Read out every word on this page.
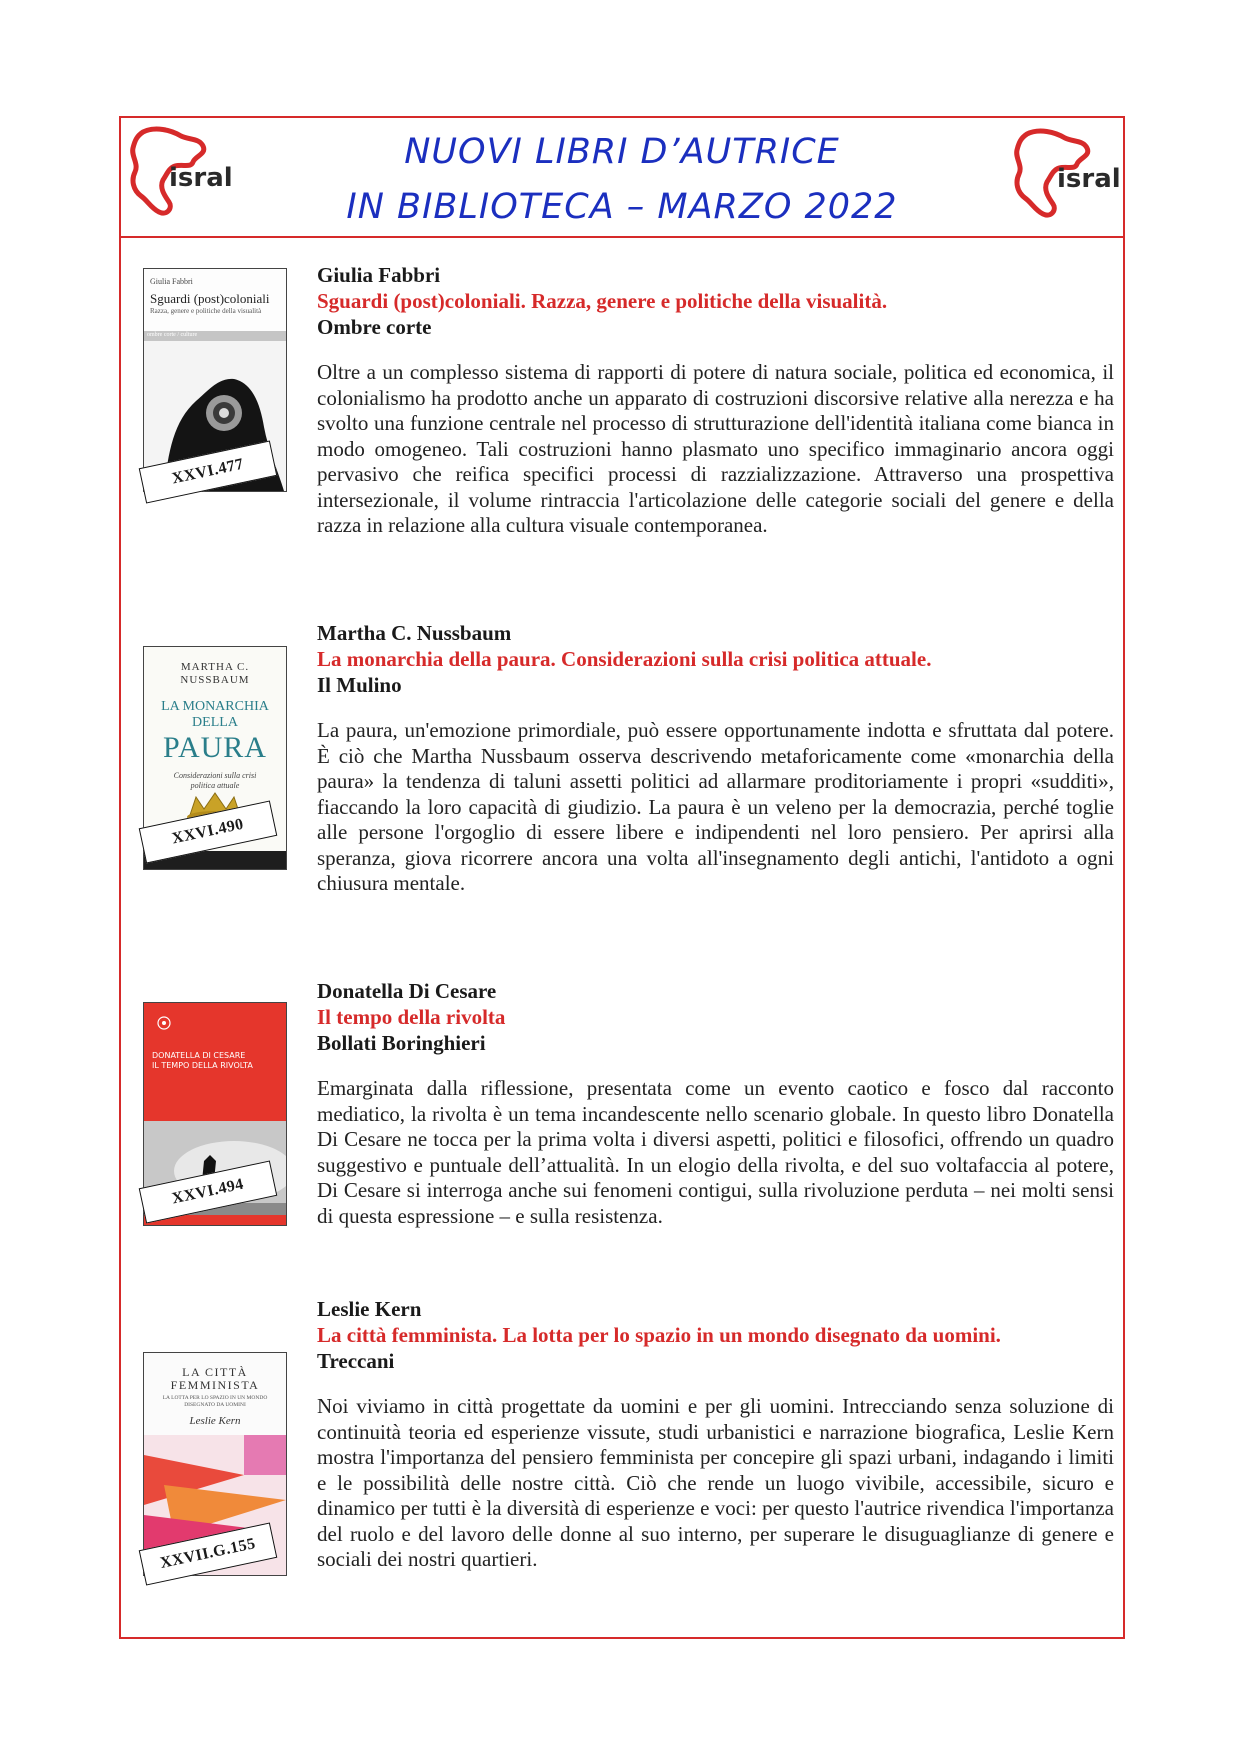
isral
NUOVI LIBRI D’AUTRICE
IN BIBLIOTECA – MARZO 2022
isral
Giulia Fabbri
Sguardi (post)coloniali
Razza, genere e politiche della visualità
ombre corte / culture
XXVI.477
Giulia Fabbri
Sguardi (post)coloniali. Razza, genere e politiche della visualità.
Ombre corte
Oltre a un complesso sistema di rapporti di potere di natura sociale, politica ed economica, il colonialismo ha prodotto anche un apparato di costruzioni discorsive relative alla nerezza e ha svolto una funzione centrale nel processo di strutturazione dell'identità italiana come bianca in modo omogeneo. Tali costruzioni hanno plasmato uno specifico immaginario ancora oggi pervasivo che reifica specifici processi di razzializzazione. Attraverso una prospettiva intersezionale, il volume rintraccia l'articolazione delle categorie sociali del genere e della razza in relazione alla cultura visuale contemporanea.
MARTHA C.
NUSSBAUM
LA MONARCHIA
DELLA
PAURA
Considerazioni sulla crisi politica attuale
XXVI.490
Martha C. Nussbaum
La monarchia della paura. Considerazioni sulla crisi politica attuale.
Il Mulino
La paura, un'emozione primordiale, può essere opportunamente indotta e sfruttata dal potere. È ciò che Martha Nussbaum osserva descrivendo metaforicamente come «monarchia della paura» la tendenza di taluni assetti politici ad allarmare proditoriamente i propri «sudditi», fiaccando la loro capacità di giudizio. La paura è un veleno per la democrazia, perché toglie alle persone l'orgoglio di essere libere e indipendenti nel loro pensiero. Per aprirsi alla speranza, giova ricorrere ancora una volta all'insegnamento degli antichi, l'antidoto a ogni chiusura mentale.
DONATELLA DI CESARE
IL TEMPO DELLA RIVOLTA
XXVI.494
Donatella Di Cesare
Il tempo della rivolta
Bollati Boringhieri
Emarginata dalla riflessione, presentata come un evento caotico e fosco dal racconto mediatico, la rivolta è un tema incandescente nello scenario globale. In questo libro Donatella Di Cesare ne tocca per la prima volta i diversi aspetti, politici e filosofici, offrendo un quadro suggestivo e puntuale dell’attualità. In un elogio della rivolta, e del suo voltafaccia al potere, Di Cesare si interroga anche sui fenomeni contigui, sulla rivoluzione perduta – nei molti sensi di questa espressione – e sulla resistenza.
LA CITTÀ
FEMMINISTA
LA LOTTA PER LO SPAZIO IN UN MONDO DISEGNATO DA UOMINI
Leslie Kern
XXVII.G.155
Leslie Kern
La città femminista. La lotta per lo spazio in un mondo disegnato da uomini.
Treccani
Noi viviamo in città progettate da uomini e per gli uomini. Intrecciando senza soluzione di continuità teoria ed esperienze vissute, studi urbanistici e narrazione biografica, Leslie Kern mostra l'importanza del pensiero femminista per concepire gli spazi urbani, indagando i limiti e le possibilità delle nostre città. Ciò che rende un luogo vivibile, accessibile, sicuro e dinamico per tutti è la diversità di esperienze e voci: per questo l'autrice rivendica l'importanza del ruolo e del lavoro delle donne al suo interno, per superare le disuguaglianze di genere e sociali dei nostri quartieri.
